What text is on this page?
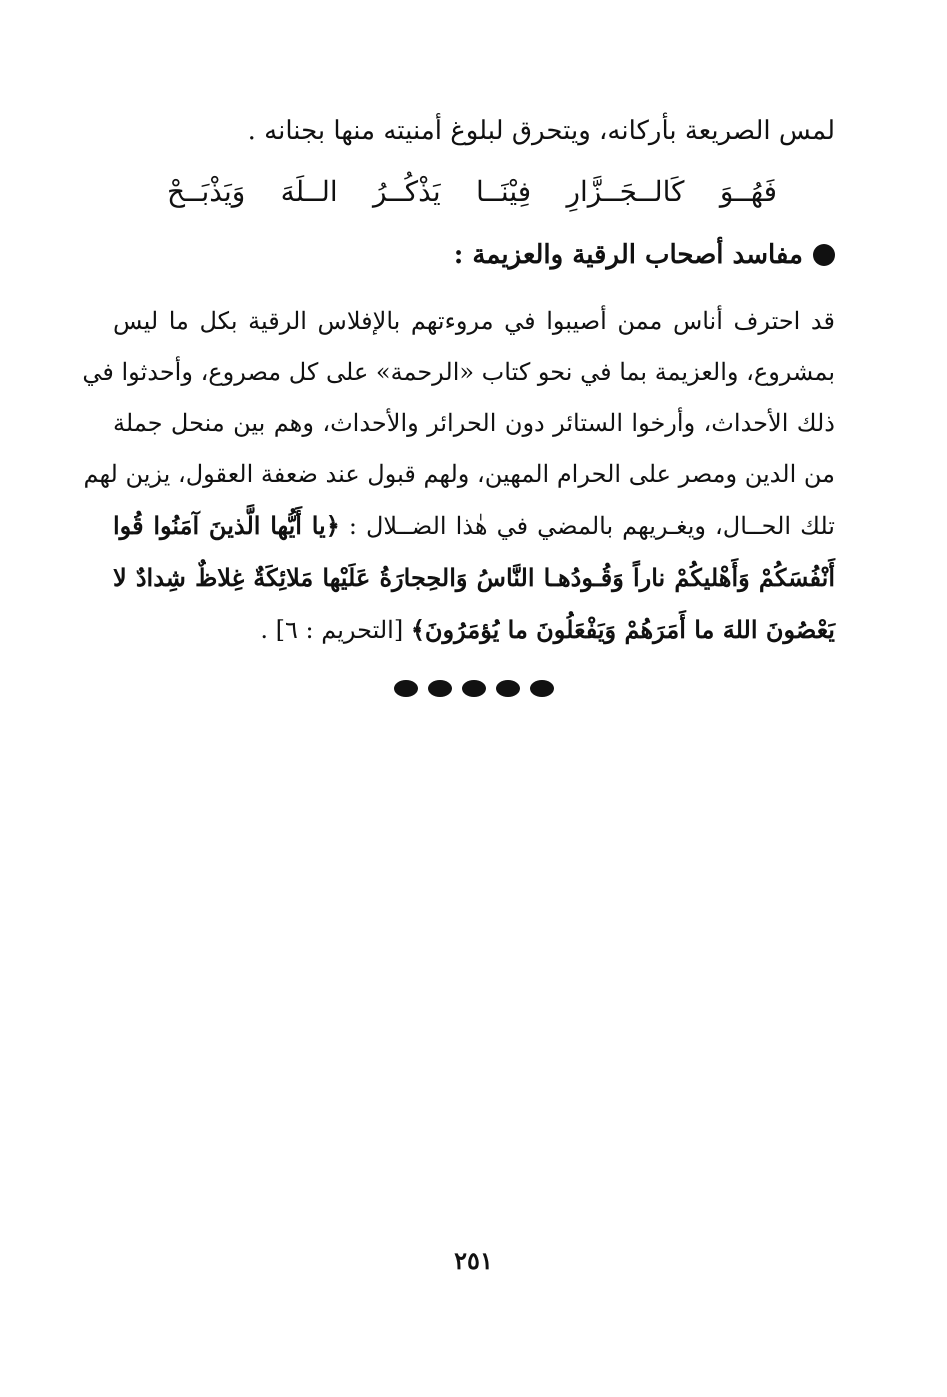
لمس الصريعة بأركانه، ويتحرق لبلوغ أمنيته منها بجنانه .
فَهُــوَ
كَالــجَــزَّارِ
فِيْنَــا
يَذْكُــرُ
الــلَهَ
وَيَذْبَــحْ
مفاسد أصحاب الرقية والعزيمة :
قد احترف أناس ممن أصيبوا في مروءتهم بالإفلاس الرقية بكل ما ليس
بمشروع، والعزيمة بما في نحو كتاب «الرحمة» على كل مصروع، وأحدثوا في
ذلك الأحداث، وأرخوا الستائر دون الحرائر والأحداث، وهم بين منحل جملة
من الدين ومصر على الحرام المهين، ولهم قبول عند ضعفة العقول، يزين لهم
تلك الحــال، ويغـريهم بالمضي في هٰذا الضــلال : ﴿يا أَيُّها الَّذينَ آمَنُوا قُوا
أَنْفُسَكُمْ وَأَهْليكُمْ ناراً وَقُـودُهـا النَّاسُ وَالحِجارَةُ عَلَيْها مَلائِكَةٌ غِلاظٌ شِدادٌ لا
يَعْصُونَ اللهَ ما أَمَرَهُمْ وَيَفْعَلُونَ ما يُؤمَرُونَ﴾ [التحريم : ٦] .
٢٥١
